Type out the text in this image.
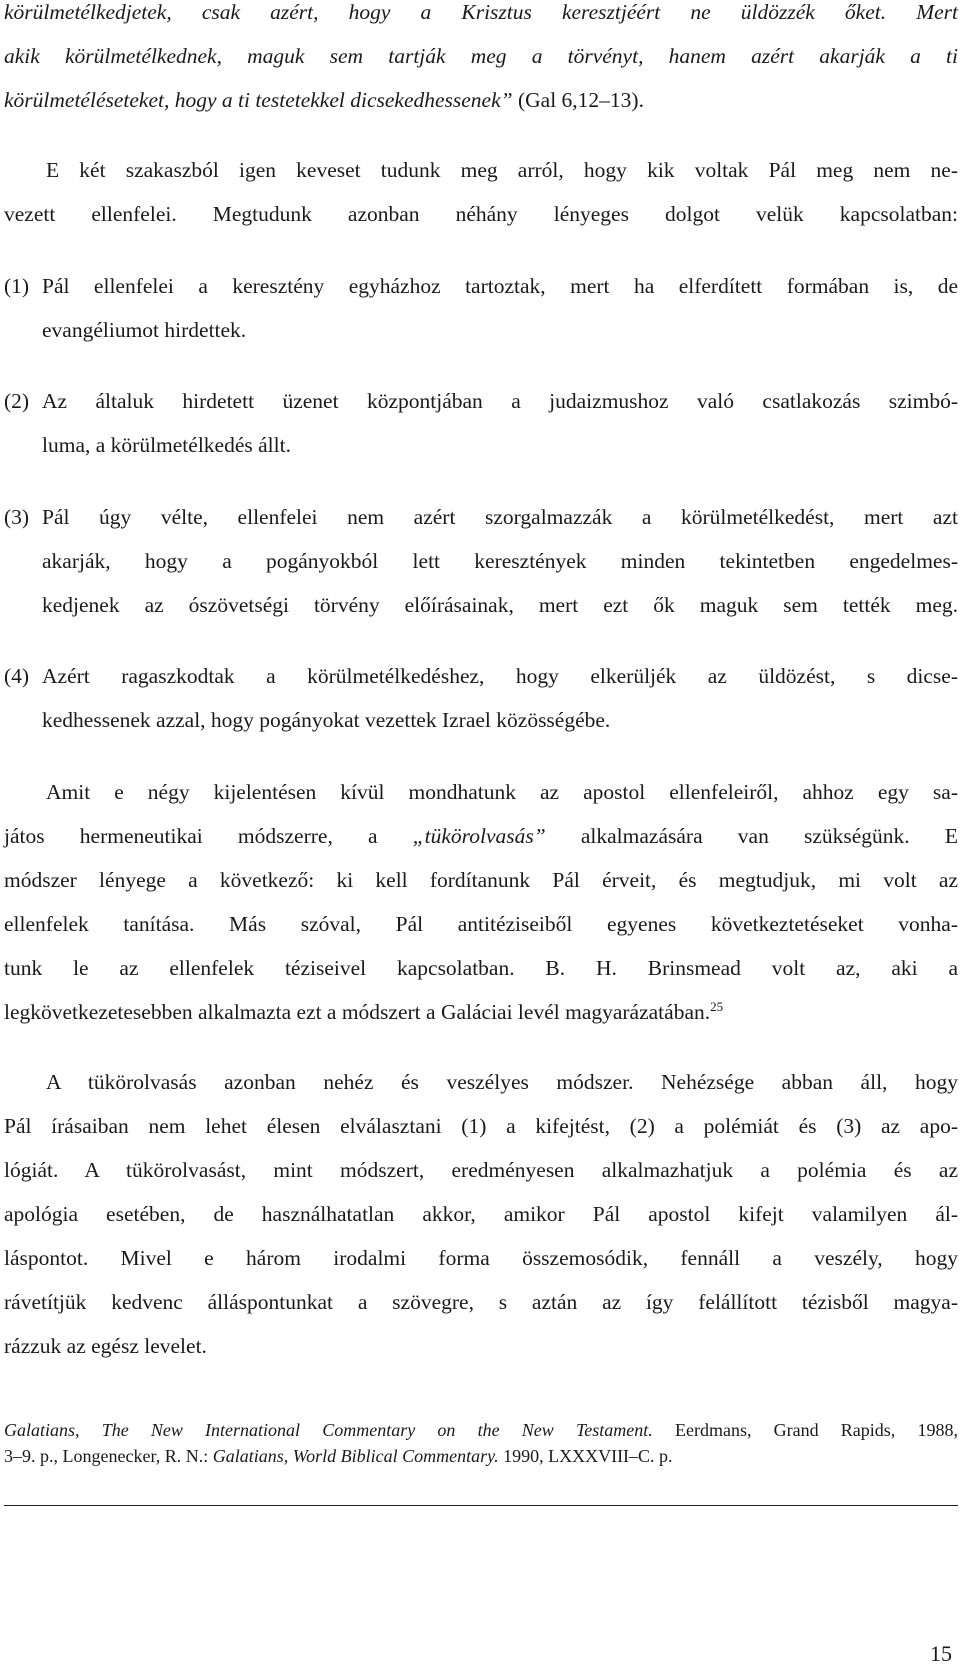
körülmetélkedjetek, csak azért, hogy a Krisztus keresztjéért ne üldözzék őket. Mert
akik körülmetélkednek, maguk sem tartják meg a törvényt, hanem azért akarják a ti
körülmetéléseteket, hogy a ti testetekkel dicsekedhessenek” (Gal 6,12–13).
E két szakaszból igen keveset tudunk meg arról, hogy kik voltak Pál meg nem ne-
vezett ellenfelei. Megtudunk azonban néhány lényeges dolgot velük kapcsolatban:
(1) Pál ellenfelei a keresztény egyházhoz tartoztak, mert ha elferdített formában is, de
evangéliumot hirdettek.
(2) Az általuk hirdetett üzenet központjában a judaizmushoz való csatlakozás szimbó-
luma, a körülmetélkedés állt.
(3) Pál úgy vélte, ellenfelei nem azért szorgalmazzák a körülmetélkedést, mert azt
akarják, hogy a pogányokból lett keresztények minden tekintetben engedelmes-
kedjenek az ószövetségi törvény előírásainak, mert ezt ők maguk sem tették meg.
(4) Azért ragaszkodtak a körülmetélkedéshez, hogy elkerüljék az üldözést, s dicse-
kedhessenek azzal, hogy pogányokat vezettek Izrael közösségébe.
Amit e négy kijelentésen kívül mondhatunk az apostol ellenfeleiről, ahhoz egy sa-
játos hermeneutikai módszerre, a „tükörolvasás” alkalmazására van szükségünk. E
módszer lényege a következő: ki kell fordítanunk Pál érveit, és megtudjuk, mi volt az
ellenfelek tanítása. Más szóval, Pál antitéziseiből egyenes következtetéseket vonha-
tunk le az ellenfelek téziseivel kapcsolatban. B. H. Brinsmead volt az, aki a
legkövetkezetesebben alkalmazta ezt a módszert a Galáciai levél magyarázatában.$^{25}$
A tükörolvasás azonban nehéz és veszélyes módszer. Nehézsége abban áll, hogy
Pál írásaiban nem lehet élesen elválasztani (1) a kifejtést, (2) a polémiát és (3) az apo-
lógiát. A tükörolvasást, mint módszert, eredményesen alkalmazhatjuk a polémia és az
apológia esetében, de használhatatlan akkor, amikor Pál apostol kifejt valamilyen ál-
láspontot. Mivel e három irodalmi forma összemosódik, fennáll a veszély, hogy
rávetítjük kedvenc álláspontunkat a szövegre, s aztán az így felállított tézisből magya-
rázzuk az egész levelet.
Galatians, The New International Commentary on the New Testament. Eerdmans, Grand Rapids, 1988,
3–9. p., Longenecker, R. N.: Galatians, World Biblical Commentary. 1990, LXXXVIII–C. p.
15
